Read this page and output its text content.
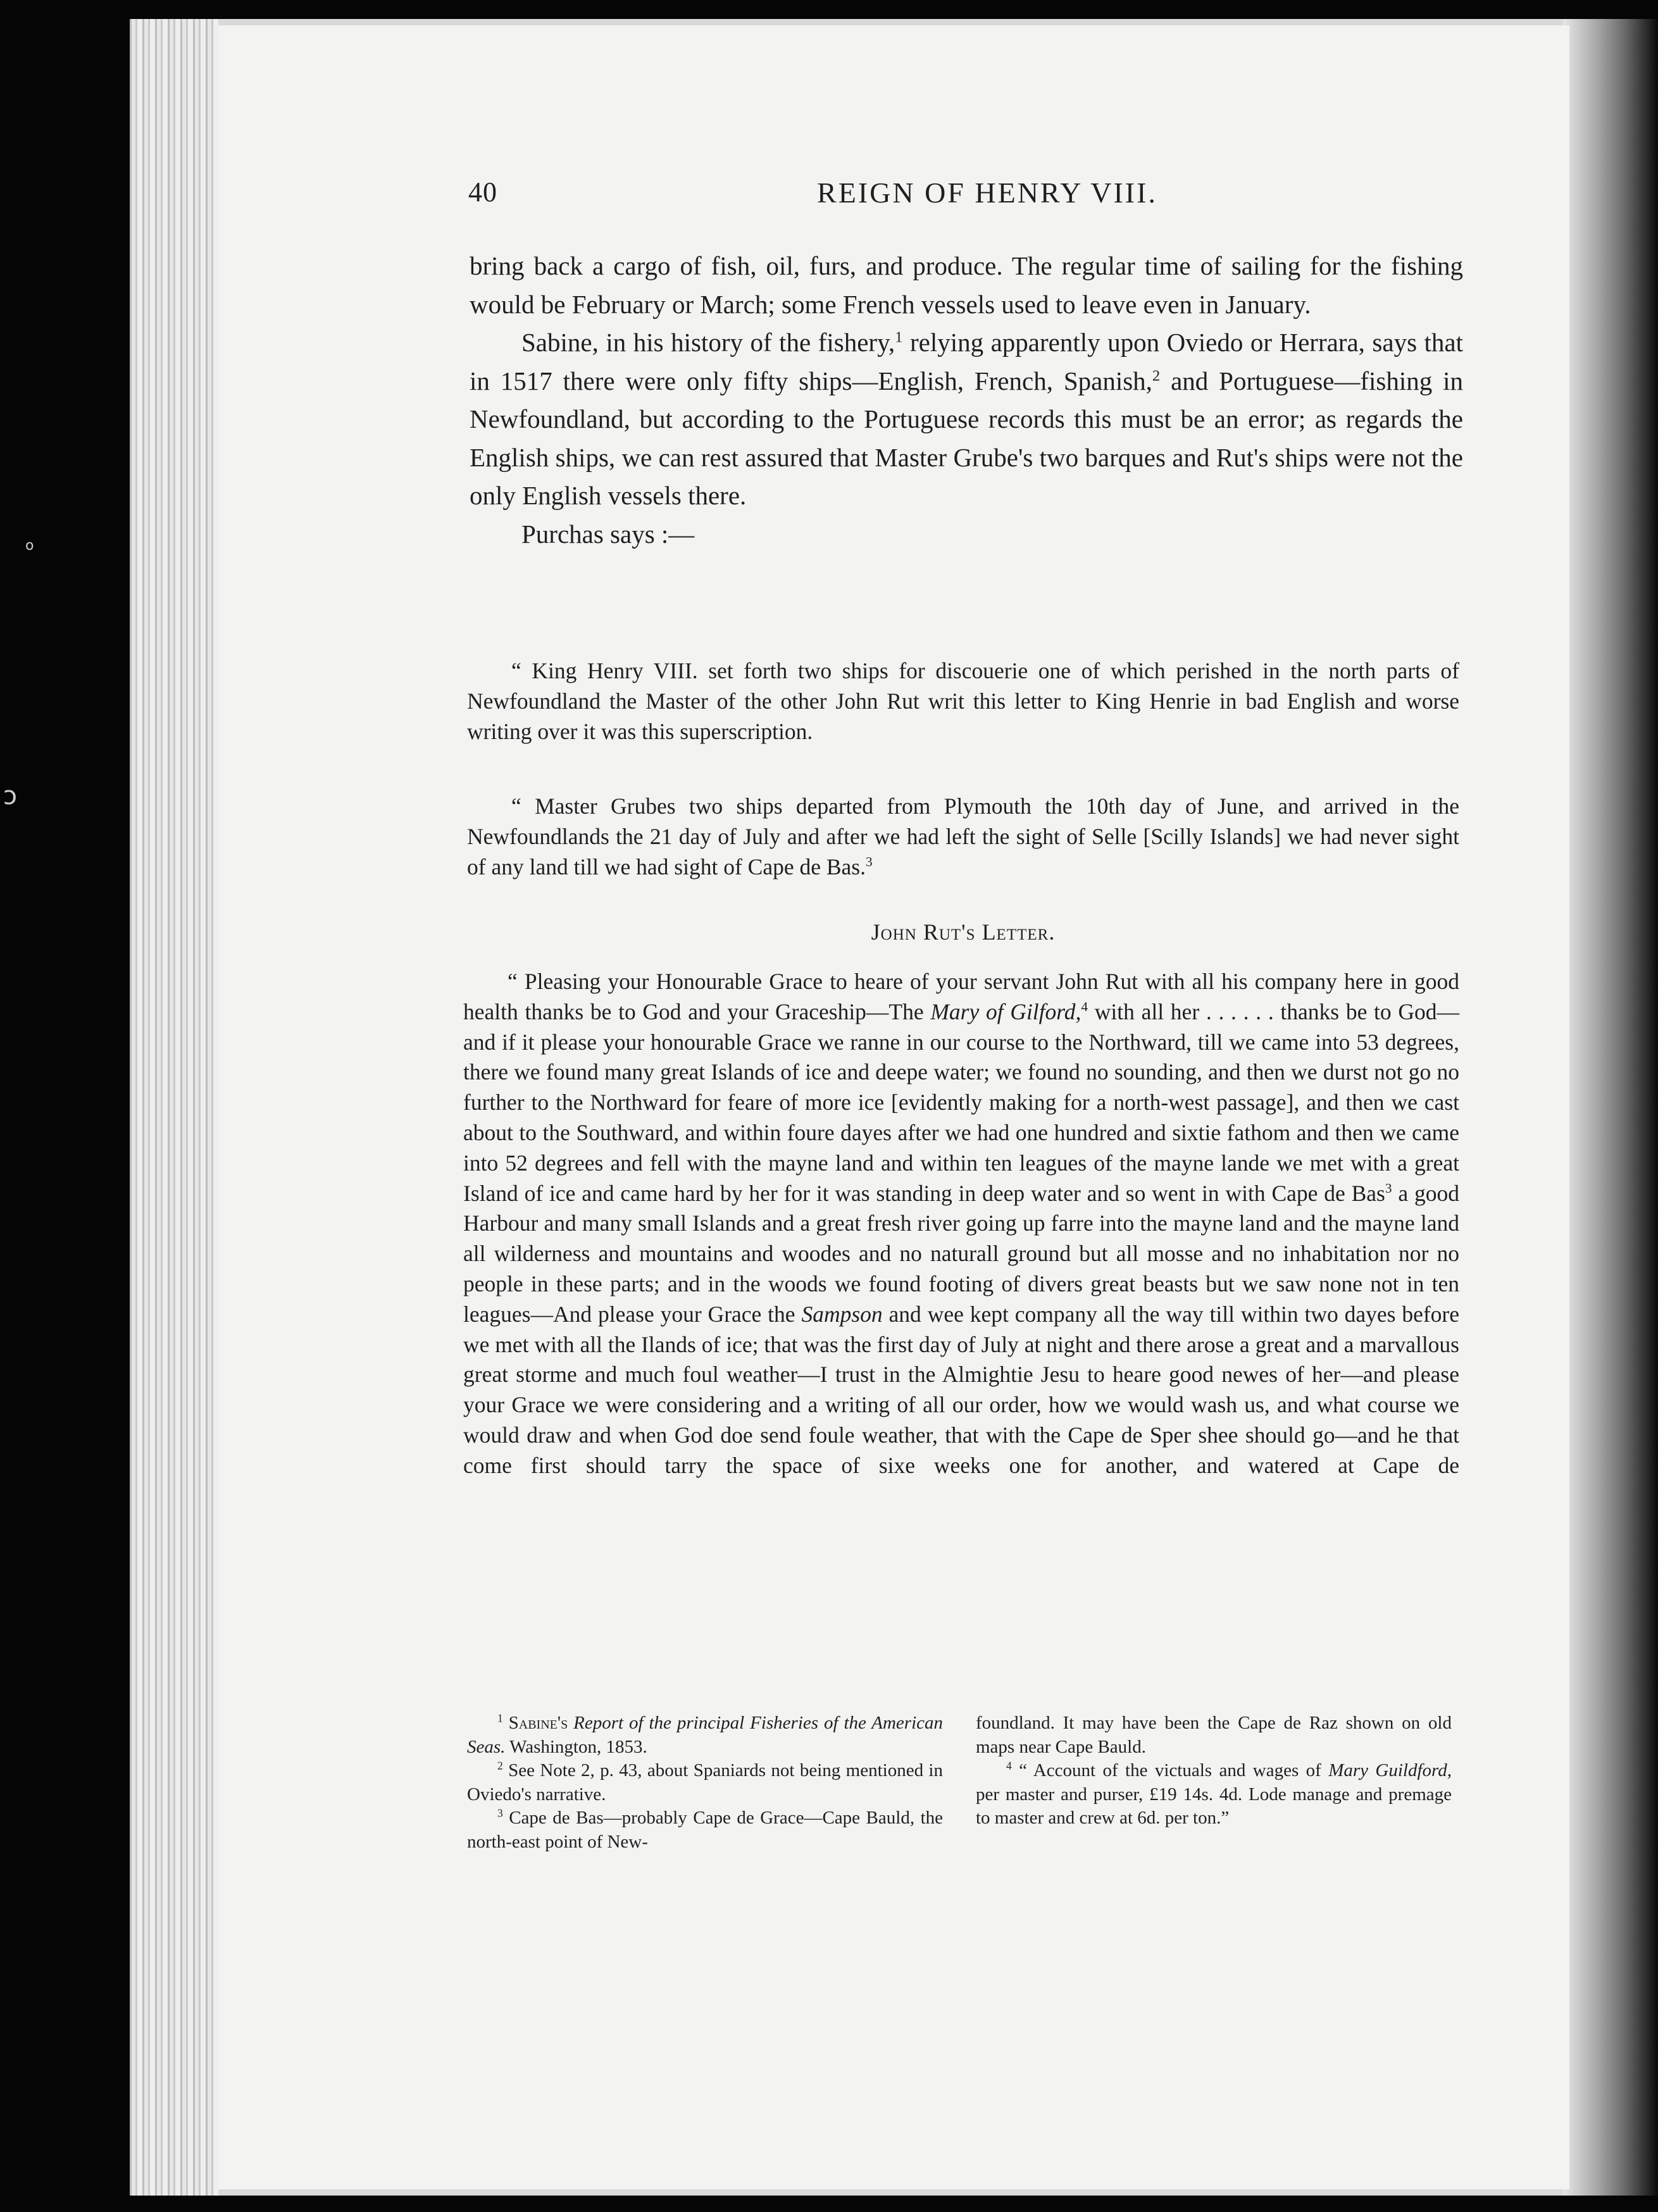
o
ↄ
40	REIGN OF HENRY VIII.

bring back a cargo of fish, oil, furs, and produce. The regular time of sailing for the fishing would be February or March; some French vessels used to leave even in January.

Sabine, in his history of the fishery,$^1$ relying apparently upon Oviedo or Herrara, says that in 1517 there were only fifty ships—English, French, Spanish,$^2$ and Portuguese—fishing in Newfoundland, but according to the Portuguese records this must be an error; as regards the English ships, we can rest assured that Master Grube's two barques and Rut's ships were not the only English vessels there.

Purchas says :—

“ King Henry VIII. set forth two ships for discouerie one of which perished in the north parts of Newfoundland the Master of the other John Rut writ this letter to King Henrie in bad English and worse writing over it was this superscription.

“ Master Grubes two ships departed from Plymouth the 10th day of June, and arrived in the Newfoundlands the 21 day of July and after we had left the sight of Selle [Scilly Islands] we had never sight of any land till we had sight of Cape de Bas.$^3$

John Rut's Letter.

“ Pleasing your Honourable Grace to heare of your servant John Rut with all his company here in good health thanks be to God and your Graceship—The Mary of Gilford,$^4$ with all her . . . . . . thanks be to God—and if it please your honourable Grace we ranne in our course to the Northward, till we came into 53 degrees, there we found many great Islands of ice and deepe water; we found no sounding, and then we durst not go no further to the Northward for feare of more ice [evidently making for a north-west passage], and then we cast about to the Southward, and within foure dayes after we had one hundred and sixtie fathom and then we came into 52 degrees and fell with the mayne land and within ten leagues of the mayne lande we met with a great Island of ice and came hard by her for it was standing in deep water and so went in with Cape de Bas$^3$ a good Harbour and many small Islands and a great fresh river going up farre into the mayne land and the mayne land all wilderness and mountains and woodes and no naturall ground but all mosse and no inhabitation nor no people in these parts; and in the woods we found footing of divers great beasts but we saw none not in ten leagues—And please your Grace the Sampson and wee kept company all the way till within two dayes before we met with all the Ilands of ice; that was the first day of July at night and there arose a great and a marvallous great storme and much foul weather—I trust in the Almightie Jesu to heare good newes of her—and please your Grace we were considering and a writing of all our order, how we would wash us, and what course we would draw and when God doe send foule weather, that with the Cape de Sper shee should go—and he that come first should tarry the space of sixe weeks one for another, and watered at Cape de

$^1$ Sabine's Report of the principal Fisheries of the American Seas. Washington, 1853.

$^2$ See Note 2, p. 43, about Spaniards not being mentioned in Oviedo's narrative.

$^3$ Cape de Bas—probably Cape de Grace—Cape Bauld, the north-east point of New-

foundland. It may have been the Cape de Raz shown on old maps near Cape Bauld.

$^4$ “ Account of the victuals and wages of Mary Guildford, per master and purser, £19 14s. 4d. Lode manage and premage to master and crew at 6d. per ton.”
